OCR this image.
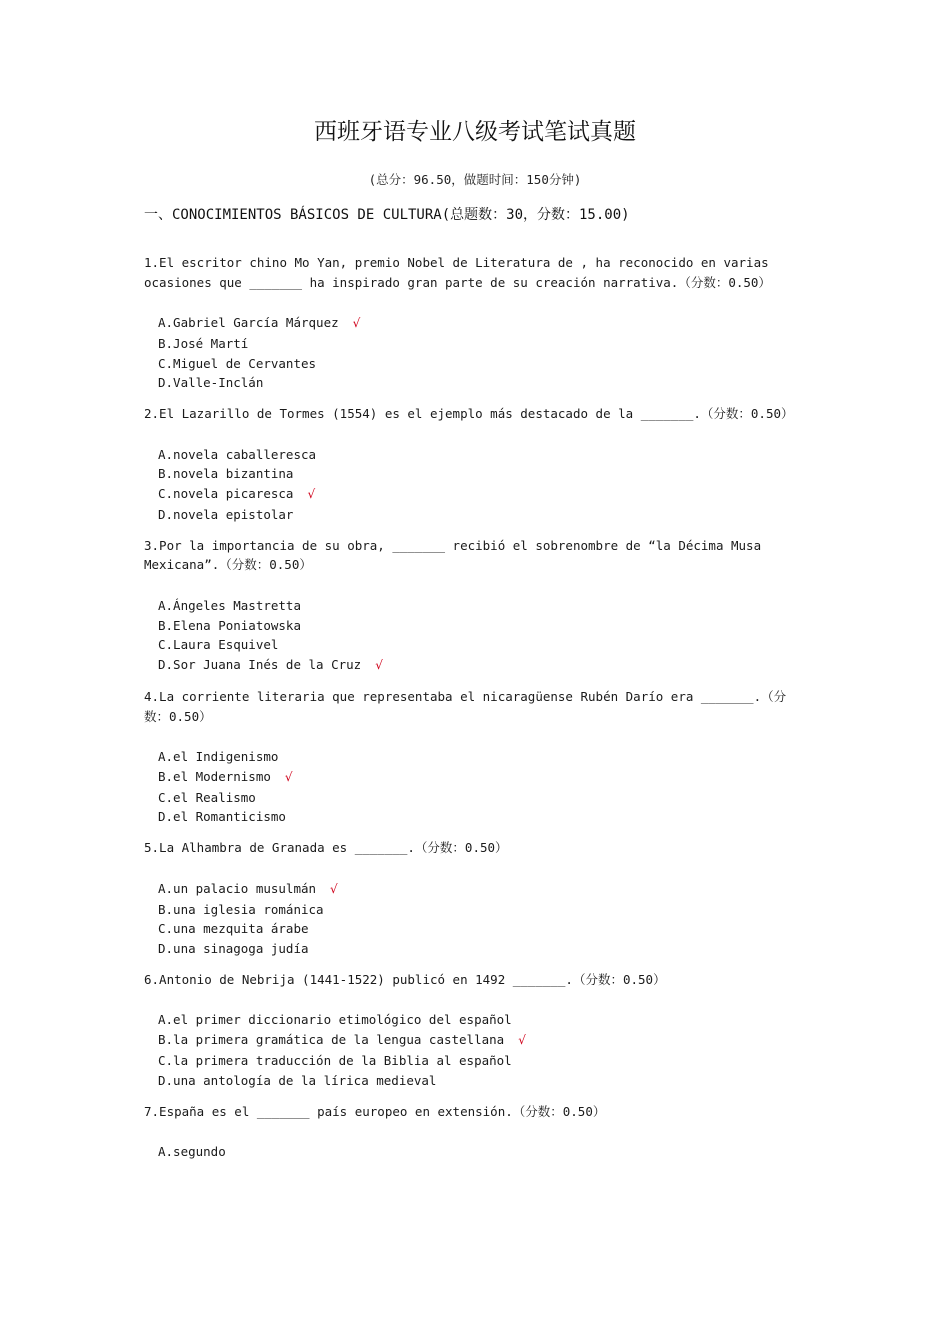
西班牙语专业八级考试笔试真题
(总分：96.50，做题时间：150分钟)
一、CONOCIMIENTOS BÁSICOS DE CULTURA(总题数：30，分数：15.00)
1.El escritor chino Mo Yan, premio Nobel de Literatura de , ha reconocido en varias ocasiones que _______ ha inspirado gran parte de su creación narrativa.（分数：0.50）
A.Gabriel García Márquez √
B.José Martí
C.Miguel de Cervantes
D.Valle-Inclán
2.El Lazarillo de Tormes (1554) es el ejemplo más destacado de la _______.（分数：0.50）
A.novela caballeresca
B.novela bizantina
C.novela picaresca √
D.novela epistolar
3.Por la importancia de su obra, _______ recibió el sobrenombre de “la Décima Musa Mexicana”.（分数：0.50）
A.Ángeles Mastretta
B.Elena Poniatowska
C.Laura Esquivel
D.Sor Juana Inés de la Cruz √
4.La corriente literaria que representaba el nicaragüense Rubén Darío era _______.（分数：0.50）
A.el Indigenismo
B.el Modernismo √
C.el Realismo
D.el Romanticismo
5.La Alhambra de Granada es _______.（分数：0.50）
A.un palacio musulmán √
B.una iglesia románica
C.una mezquita árabe
D.una sinagoga judía
6.Antonio de Nebrija (1441-1522) publicó en 1492 _______.（分数：0.50）
A.el primer diccionario etimológico del español
B.la primera gramática de la lengua castellana √
C.la primera traducción de la Biblia al español
D.una antología de la lírica medieval
7.España es el _______ país europeo en extensión.（分数：0.50）
A.segundo
